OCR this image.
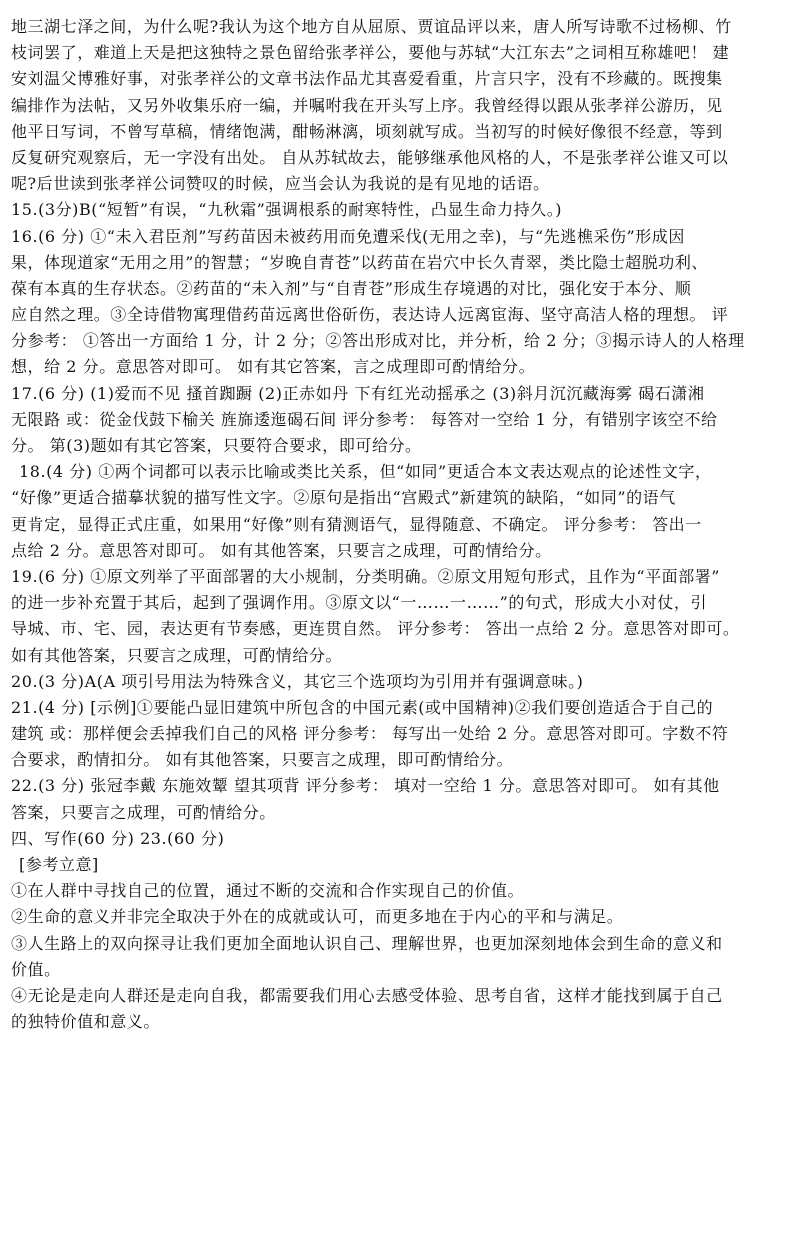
地三湖七泽之间，为什么呢?我认为这个地方自从屈原、贾谊品评以来，唐人所写诗歌不过杨柳、竹
枝词罢了，难道上天是把这独特之景色留给张孝祥公，要他与苏轼“大江东去”之词相互称雄吧！ 建
安刘温父博雅好事，对张孝祥公的文章书法作品尤其喜爱看重，片言只字，没有不珍藏的。既搜集
编排作为法帖，又另外收集乐府一编，并嘱咐我在开头写上序。我曾经得以跟从张孝祥公游历，见
他平日写词，不曾写草稿，情绪饱满，酣畅淋漓，顷刻就写成。当初写的时候好像很不经意，等到
反复研究观察后，无一字没有出处。 自从苏轼故去，能够继承他风格的人，不是张孝祥公谁又可以
呢?后世读到张孝祥公词赞叹的时候，应当会认为我说的是有见地的话语。
15.(3分)B(“短暂”有误，“九秋霜”强调根系的耐寒特性，凸显生命力持久。)
16.(6 分) ①“未入君臣剂”写药苗因未被药用而免遭采伐(无用之幸)，与“先逃樵采伤”形成因
果，体现道家“无用之用”的智慧；“岁晚自青苍”以药苗在岩穴中长久青翠，类比隐士超脱功利、
葆有本真的生存状态。②药苗的“未入剂”与“自青苍”形成生存境遇的对比，强化安于本分、顺
应自然之理。③全诗借物寓理借药苗远离世俗斫伤，表达诗人远离宦海、坚守高洁人格的理想。 评
分参考： ①答出一方面给 1 分，计 2 分；②答出形成对比，并分析，给 2 分；③揭示诗人的人格理
想，给 2 分。意思答对即可。 如有其它答案，言之成理即可酌情给分。
17.(6 分) (1)爱而不见 搔首踟蹰 (2)正赤如丹 下有红光动摇承之 (3)斜月沉沉藏海雾 碣石潇湘
无限路 或：從金伐鼓下榆关 旌旆逶迤碣石间 评分参考： 每答对一空给 1 分，有错别字该空不给
分。 第(3)题如有其它答案，只要符合要求，即可给分。
18.(4 分) ①两个词都可以表示比喻或类比关系，但“如同”更适合本文表达观点的论述性文字，
“好像”更适合描摹状貌的描写性文字。②原句是指出“宫殿式”新建筑的缺陷，“如同”的语气
更肯定，显得正式庄重，如果用“好像”则有猜测语气，显得随意、不确定。 评分参考： 答出一
点给 2 分。意思答对即可。 如有其他答案，只要言之成理，可酌情给分。
19.(6 分) ①原文列举了平面部署的大小规制，分类明确。②原文用短句形式，且作为“平面部署”
的进一步补充置于其后，起到了强调作用。③原文以“一……一……”的句式，形成大小对仗，引
导城、市、宅、园，表达更有节奏感，更连贯自然。 评分参考： 答出一点给 2 分。意思答对即可。
如有其他答案，只要言之成理，可酌情给分。
20.(3 分)A(A 项引号用法为特殊含义，其它三个选项均为引用并有强调意味。)
21.(4 分) [示例]①要能凸显旧建筑中所包含的中国元素(或中国精神)②我们要创造适合于自己的
建筑 或：那样便会丢掉我们自己的风格 评分参考： 每写出一处给 2 分。意思答对即可。字数不符
合要求，酌情扣分。 如有其他答案，只要言之成理，即可酌情给分。
22.(3 分) 张冠李戴 东施效颦 望其项背 评分参考： 填对一空给 1 分。意思答对即可。 如有其他
答案，只要言之成理，可酌情给分。
四、写作(60 分) 23.(60 分)
[参考立意]
①在人群中寻找自己的位置，通过不断的交流和合作实现自己的价值。
②生命的意义并非完全取决于外在的成就或认可，而更多地在于内心的平和与满足。
③人生路上的双向探寻让我们更加全面地认识自己、理解世界，也更加深刻地体会到生命的意义和
价值。
④无论是走向人群还是走向自我，都需要我们用心去感受体验、思考自省，这样才能找到属于自己
的独特价值和意义。
